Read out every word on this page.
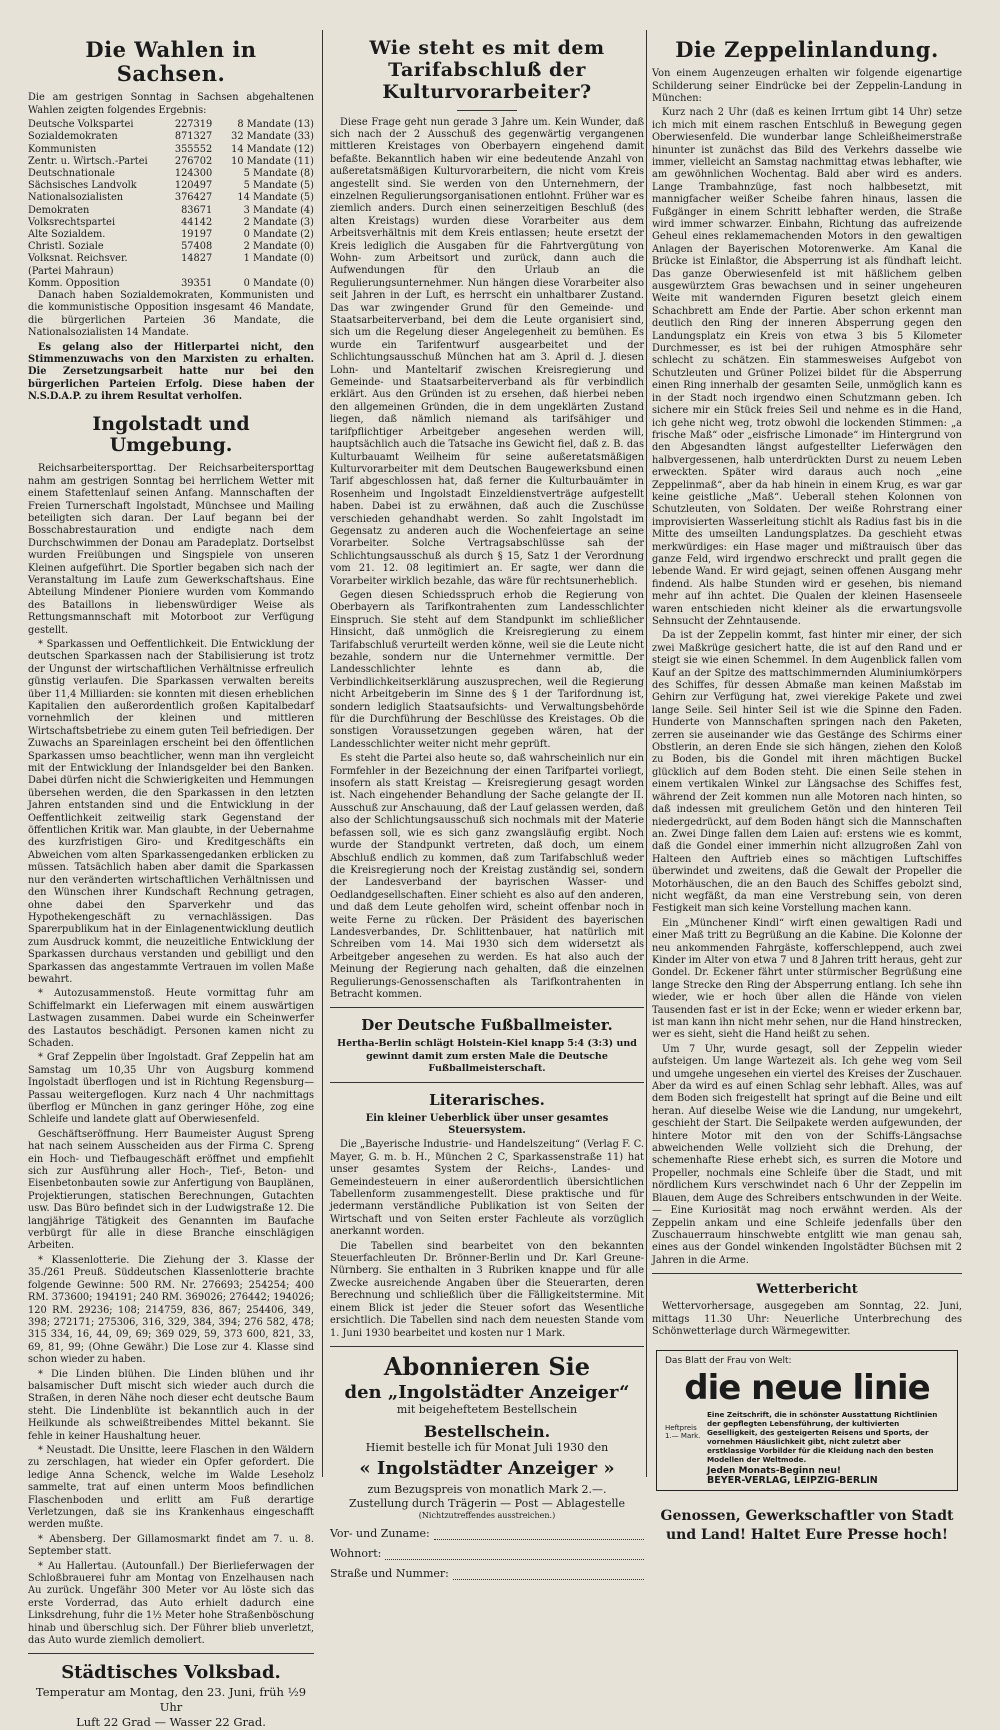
Die Wahlen in Sachsen.

Die am gestrigen Sonntag in Sachsen abgehaltenen Wahlen zeigten folgendes Ergebnis:

Deutsche Volkspartei	227319	8 Mandate (13)
Sozialdemokraten	871327	32 Mandate (33)
Kommunisten	355552	14 Mandate (12)
Zentr. u. Wirtsch.-Partei	276702	10 Mandate (11)
Deutschnationale	124300	5 Mandate (8)
Sächsisches Landvolk	120497	5 Mandate (5)
Nationalsozialisten	376427	14 Mandate (5)
Demokraten	83671	3 Mandate (4)
Volksrechtspartei	44142	2 Mandate (3)
Alte Sozialdem.	19197	0 Mandate (2)
Christl. Soziale	57408	2 Mandate (0)
Volksnat. Reichsver.	14827	1 Mandate (0)
(Partei Mahraun)		
Komm. Opposition	39351	0 Mandate (0)

Danach haben Sozialdemokraten, Kommunisten und die kommunistische Opposition insgesamt 46 Mandate, die bürgerlichen Parteien 36 Mandate, die Nationalsozialisten 14 Mandate.

Es gelang also der Hitlerpartei nicht, den Stimmenzuwachs von den Marxisten zu erhalten. Die Zersetzungsarbeit hatte nur bei den bürgerlichen Parteien Erfolg. Diese haben der N.S.D.A.P. zu ihrem Resultat verholfen.

Ingolstadt und Umgebung.

Reichsarbeitersporttag. Der Reichsarbeitersporttag nahm am gestrigen Sonntag bei herrlichem Wetter mit einem Stafettenlauf seinen Anfang. Mannschaften der Freien Turnerschaft Ingolstadt, Münchsee und Mailing beteiligten sich daran. Der Lauf begann bei der Bosschabrestauration und endigte nach dem Durchschwimmen der Donau am Paradeplatz. Dortselbst wurden Freiübungen und Singspiele von unseren Kleinen aufgeführt. Die Sportler begaben sich nach der Veranstaltung im Laufe zum Gewerkschaftshaus. Eine Abteilung Mindener Pioniere wurden vom Kommando des Bataillons in liebenswürdiger Weise als Rettungsmannschaft mit Motorboot zur Verfügung gestellt.

* Sparkassen und Oeffentlichkeit. Die Entwicklung der deutschen Sparkassen nach der Stabilisierung ist trotz der Ungunst der wirtschaftlichen Verhältnisse erfreulich günstig verlaufen. Die Sparkassen verwalten bereits über 11,4 Milliarden: sie konnten mit diesen erheblichen Kapitalien den außerordentlich großen Kapitalbedarf vornehmlich der kleinen und mittleren Wirtschaftsbetriebe zu einem guten Teil befriedigen. Der Zuwachs an Spareinlagen erscheint bei den öffentlichen Sparkassen umso beachtlicher, wenn man ihn vergleicht mit der Entwicklung der Inlandsgelder bei den Banken. Dabei dürfen nicht die Schwierigkeiten und Hemmungen übersehen werden, die den Sparkassen in den letzten Jahren entstanden sind und die Entwicklung in der Oeffentlichkeit zeitweilig stark Gegenstand der öffentlichen Kritik war. Man glaubte, in der Uebernahme des kurzfristigen Giro- und Kreditgeschäfts ein Abweichen vom alten Sparkassengedanken erblicken zu müssen. Tatsächlich haben aber damit die Sparkassen nur den veränderten wirtschaftlichen Verhältnissen und den Wünschen ihrer Kundschaft Rechnung getragen, ohne dabei den Sparverkehr und das Hypothekengeschäft zu vernachlässigen. Das Sparerpublikum hat in der Einlagenentwicklung deutlich zum Ausdruck kommt, die neuzeitliche Entwicklung der Sparkassen durchaus verstanden und gebilligt und den Sparkassen das angestammte Vertrauen im vollen Maße bewahrt.

* Autozusammenstoß. Heute vormittag fuhr am Schiffelmarkt ein Lieferwagen mit einem auswärtigen Lastwagen zusammen. Dabei wurde ein Scheinwerfer des Lastautos beschädigt. Personen kamen nicht zu Schaden.

* Graf Zeppelin über Ingolstadt. Graf Zeppelin hat am Samstag um 10,35 Uhr von Augsburg kommend Ingolstadt überflogen und ist in Richtung Regensburg—Passau weitergeflogen. Kurz nach 4 Uhr nachmittags überflog er München in ganz geringer Höhe, zog eine Schleife und landete glatt auf Oberwiesenfeld.

Geschäftseröffnung. Herr Baumeister August Spreng hat nach seinem Ausscheiden aus der Firma C. Spreng ein Hoch- und Tiefbaugeschäft eröffnet und empfiehlt sich zur Ausführung aller Hoch-, Tief-, Beton- und Eisenbetonbauten sowie zur Anfertigung von Bauplänen, Projektierungen, statischen Berechnungen, Gutachten usw. Das Büro befindet sich in der Ludwigstraße 12. Die langjährige Tätigkeit des Genannten im Baufache verbürgt für alle in diese Branche einschlägigen Arbeiten.

* Klassenlotterie. Die Ziehung der 3. Klasse der 35./261 Preuß. Süddeutschen Klassenlotterie brachte folgende Gewinne: 500 RM. Nr. 276693; 254254; 400 RM. 373600; 194191; 240 RM. 369026; 276442; 194026; 120 RM. 29236; 108; 214759, 836, 867; 254406, 349, 398; 272171; 275306, 316, 329, 384, 394; 276 582, 478; 315 334, 16, 44, 09, 69; 369 029, 59, 373 600, 821, 33, 69, 81, 99; (Ohne Gewähr.) Die Lose zur 4. Klasse sind schon wieder zu haben.

* Die Linden blühen. Die Linden blühen und ihr balsamischer Duft mischt sich wieder auch durch die Straßen, in deren Nähe noch dieser echt deutsche Baum steht. Die Lindenblüte ist bekanntlich auch in der Heilkunde als schweißtreibendes Mittel bekannt. Sie fehle in keiner Haushaltung heuer.

* Neustadt. Die Unsitte, leere Flaschen in den Wäldern zu zerschlagen, hat wieder ein Opfer gefordert. Die ledige Anna Schenck, welche im Walde Leseholz sammelte, trat auf einen unterm Moos befindlichen Flaschenboden und erlitt am Fuß derartige Verletzungen, daß sie ins Krankenhaus eingeschafft werden mußte.

* Abensberg. Der Gillamosmarkt findet am 7. u. 8. September statt.

* Au Hallertau. (Autounfall.) Der Bierlieferwagen der Schloßbrauerei fuhr am Montag von Enzelhausen nach Au zurück. Ungefähr 300 Meter vor Au löste sich das erste Vorderrad, das Auto erhielt dadurch eine Linksdrehung, fuhr die 1½ Meter hohe Straßenböschung hinab und überschlug sich. Der Führer blieb unverletzt, das Auto wurde ziemlich demoliert.

Städtisches Volksbad.
Temperatur am Montag, den 23. Juni, früh ½9 Uhr
Luft 22 Grad — Wasser 22 Grad.
Wie steht es mit dem Tarifabschluß der Kulturvorarbeiter?

Diese Frage geht nun gerade 3 Jahre um. Kein Wunder, daß sich nach der 2 Ausschuß des gegenwärtig vergangenen mittleren Kreistages von Oberbayern eingehend damit befaßte. Bekanntlich haben wir eine bedeutende Anzahl von außeretatsmäßigen Kulturvorarbeitern, die nicht vom Kreis angestellt sind. Sie werden von den Unternehmern, der einzelnen Regulierungsorganisationen entlohnt. Früher war es ziemlich anders. Durch einen seinerzeitigen Beschluß (des alten Kreistags) wurden diese Vorarbeiter aus dem Arbeitsverhältnis mit dem Kreis entlassen; heute ersetzt der Kreis lediglich die Ausgaben für die Fahrtvergütung von Wohn- zum Arbeitsort und zurück, dann auch die Aufwendungen für den Urlaub an die Regulierungsunternehmer. Nun hängen diese Vorarbeiter also seit Jahren in der Luft, es herrscht ein unhaltbarer Zustand. Das war zwingender Grund für den Gemeinde- und Staatsarbeiterverband, bei dem die Leute organisiert sind, sich um die Regelung dieser Angelegenheit zu bemühen. Es wurde ein Tarifentwurf ausgearbeitet und der Schlichtungsausschuß München hat am 3. April d. J. diesen Lohn- und Manteltarif zwischen Kreisregierung und Gemeinde- und Staatsarbeiterverband als für verbindlich erklärt. Aus den Gründen ist zu ersehen, daß hierbei neben den allgemeinen Gründen, die in dem ungeklärten Zustand liegen, daß nämlich niemand als tarifsähiger und tarifpflichtiger Arbeitgeber angesehen werden will, hauptsächlich auch die Tatsache ins Gewicht fiel, daß z. B. das Kulturbauamt Weilheim für seine außeretatsmäßigen Kulturvorarbeiter mit dem Deutschen Baugewerksbund einen Tarif abgeschlossen hat, daß ferner die Kulturbauämter in Rosenheim und Ingolstadt Einzeldienstverträge aufgestellt haben. Dabei ist zu erwähnen, daß auch die Zuschüsse verschieden gehandhabt werden. So zahlt Ingolstadt im Gegensatz zu anderen auch die Wochenfeiertage an seine Vorarbeiter. Solche Vertragsabschlüsse sah der Schlichtungsausschuß als durch § 15, Satz 1 der Verordnung vom 21. 12. 08 legitimiert an. Er sagte, wer dann die Vorarbeiter wirklich bezahle, das wäre für rechtsunerheblich.

Gegen diesen Schiedsspruch erhob die Regierung von Oberbayern als Tarifkontrahenten zum Landesschlichter Einspruch. Sie steht auf dem Standpunkt im schließlicher Hinsicht, daß unmöglich die Kreisregierung zu einem Tarifabschluß verurteilt werden könne, weil sie die Leute nicht bezahle, sondern nur die Unternehmer vermittle. Der Landesschlichter lehnte es dann ab, die Verbindlichkeitserklärung auszusprechen, weil die Regierung nicht Arbeitgeberin im Sinne des § 1 der Tarifordnung ist, sondern lediglich Staatsaufsichts- und Verwaltungsbehörde für die Durchführung der Beschlüsse des Kreistages. Ob die sonstigen Voraussetzungen gegeben wären, hat der Landesschlichter weiter nicht mehr geprüft.

Es steht die Partei also heute so, daß wahrscheinlich nur ein Formfehler in der Bezeichnung der einen Tarifpartei vorliegt, insofern als statt Kreistag — Kreisregierung gesagt worden ist. Nach eingehender Behandlung der Sache gelangte der II. Ausschuß zur Anschauung, daß der Lauf gelassen werden, daß also der Schlichtungsausschuß sich nochmals mit der Materie befassen soll, wie es sich ganz zwangsläufig ergibt. Noch wurde der Standpunkt vertreten, daß doch, um einem Abschluß endlich zu kommen, daß zum Tarifabschluß weder die Kreisregierung noch der Kreistag zuständig sei, sondern der Landesverband der bayrischen Wasser- und Oedlandgesellschaften. Einer schieht es also auf den anderen, und daß dem Leute geholfen wird, scheint offenbar noch in weite Ferne zu rücken. Der Präsident des bayerischen Landesverbandes, Dr. Schlittenbauer, hat natürlich mit Schreiben vom 14. Mai 1930 sich dem widersetzt als Arbeitgeber angesehen zu werden. Es hat also auch der Meinung der Regierung nach gehalten, daß die einzelnen Regulierungs-Genossenschaften als Tarifkontrahenten in Betracht kommen.

Der Deutsche Fußballmeister.

Hertha-Berlin schlägt Holstein-Kiel knapp 5:4 (3:3) und gewinnt damit zum ersten Male die Deutsche Fußballmeisterschaft.

Literarisches.

Ein kleiner Ueberblick über unser gesamtes Steuersystem.

Die „Bayerische Industrie- und Handelszeitung“ (Verlag F. C. Mayer, G. m. b. H., München 2 C, Sparkassenstraße 11) hat unser gesamtes System der Reichs-, Landes- und Gemeindesteuern in einer außerordentlich übersichtlichen Tabellenform zusammengestellt. Diese praktische und für jedermann verständliche Publikation ist von Seiten der Wirtschaft und von Seiten erster Fachleute als vorzüglich anerkannt worden.

Die Tabellen sind bearbeitet von den bekannten Steuerfachleuten Dr. Brönner-Berlin und Dr. Karl Greune-Nürnberg. Sie enthalten in 3 Rubriken knappe und für alle Zwecke ausreichende Angaben über die Steuerarten, deren Berechnung und schließlich über die Fälligkeitstermine. Mit einem Blick ist jeder die Steuer sofort das Wesentliche ersichtlich. Die Tabellen sind nach dem neuesten Stande vom 1. Juni 1930 bearbeitet und kosten nur 1 Mark.

Abonnieren Sie
den „Ingolstädter Anzeiger“
mit beigeheftetem Bestellschein
Bestellschein.
Hiemit bestelle ich für Monat Juli 1930 den
« Ingolstädter Anzeiger »
zum Bezugspreis von monatlich Mark 2.—.
Zustellung durch Trägerin — Post — Ablagestelle
(Nichtzutreffendes ausstreichen.)
Vor- und Zuname:
Wohnort:
Straße und Nummer:
Die Zeppelinlandung.

Von einem Augenzeugen erhalten wir folgende eigenartige Schilderung seiner Eindrücke bei der Zeppelin-Landung in München:

Kurz nach 2 Uhr (daß es keinen Irrtum gibt 14 Uhr) setze ich mich mit einem raschen Entschluß in Bewegung gegen Oberwiesenfeld. Die wunderbar lange Schleißheimerstraße hinunter ist zunächst das Bild des Verkehrs dasselbe wie immer, vielleicht an Samstag nachmittag etwas lebhafter, wie am gewöhnlichen Wochentag. Bald aber wird es anders. Lange Trambahnzüge, fast noch halbbesetzt, mit mannigfacher weißer Scheibe fahren hinaus, lassen die Fußgänger in einem Schritt lebhafter werden, die Straße wird immer schwarzer. Einbahn, Richtung das aufreizende Geheul eines reklamemachenden Motors in den gewaltigen Anlagen der Bayerischen Motorenwerke. Am Kanal die Brücke ist Einlaßtor, die Absperrung ist als fündhaft leicht. Das ganze Oberwiesenfeld ist mit häßlichem gelben ausgewürztem Gras bewachsen und in seiner ungeheuren Weite mit wandernden Figuren besetzt gleich einem Schachbrett am Ende der Partie. Aber schon erkennt man deutlich den Ring der inneren Absperrung gegen den Landungsplatz ein Kreis von etwa 3 bis 5 Kilometer Durchmesser, es ist bei der ruhigen Atmosphäre sehr schlecht zu schätzen. Ein stammesweises Aufgebot von Schutzleuten und Grüner Polizei bildet für die Absperrung einen Ring innerhalb der gesamten Seile, unmöglich kann es in der Stadt noch irgendwo einen Schutzmann geben. Ich sichere mir ein Stück freies Seil und nehme es in die Hand, ich gehe nicht weg, trotz obwohl die lockenden Stimmen: „a frische Maß“ oder „eisfrische Limonade“ im Hintergrund von den Abgesandten längst aufgestellter Lieferwägen den halbvergessenen, halb unterdrückten Durst zu neuem Leben erweckten. Später wird daraus auch noch „eine Zeppelinmaß“, aber da hab hinein in einem Krug, es war gar keine geistliche „Maß“. Ueberall stehen Kolonnen von Schutzleuten, von Soldaten. Der weiße Rohrstrang einer improvisierten Wasserleitung stichlt als Radius fast bis in die Mitte des umseilten Landungsplatzes. Da geschieht etwas merkwürdiges: ein Hase mager und mißtrauisch über das ganze Feld, wird irgendwo erschreckt und prallt gegen die lebende Wand. Er wird gejagt, seinen offenen Ausgang mehr findend. Als halbe Stunden wird er gesehen, bis niemand mehr auf ihn achtet. Die Qualen der kleinen Hasenseele waren entschieden nicht kleiner als die erwartungsvolle Sehnsucht der Zehntausende.

Da ist der Zeppelin kommt, fast hinter mir einer, der sich zwei Maßkrüge gesichert hatte, die ist auf den Rand und er steigt sie wie einen Schemmel. In dem Augenblick fallen vom Kauf an der Spitze des mattschimmernden Aluminiumkörpers des Schiffes, für dessen Abmaße man keinen Maßstab im Gehirn zur Verfügung hat, zwei vierekige Pakete und zwei lange Seile. Seil hinter Seil ist wie die Spinne den Faden. Hunderte von Mannschaften springen nach den Paketen, zerren sie auseinander wie das Gestänge des Schirms einer Obstlerin, an deren Ende sie sich hängen, ziehen den Koloß zu Boden, bis die Gondel mit ihren mächtigen Buckel glücklich auf dem Boden steht. Die einen Seile stehen in einem vertikalen Winkel zur Längsachse des Schiffes fest, während der Zeit kommen nun alle Motoren nach hinten, so daß indessen mit greulichem Getön und den hinteren Teil niedergedrückt, auf dem Boden hängt sich die Mannschaften an. Zwei Dinge fallen dem Laien auf: erstens wie es kommt, daß die Gondel einer immerhin nicht allzugroßen Zahl von Halteen den Auftrieb eines so mächtigen Luftschiffes überwindet und zweitens, daß die Gewalt der Propeller die Motorhäuschen, die an den Bauch des Schiffes gebolzt sind, nicht wegfäßt, da man eine Verstrebung sein, von deren Festigkeit man sich keine Vorstellung machen kann.

Ein „Münchener Kindl“ wirft einen gewaltigen Radi und einer Maß tritt zu Begrüßung an die Kabine. Die Kolonne der neu ankommenden Fahrgäste, kofferschleppend, auch zwei Kinder im Alter von etwa 7 und 8 Jahren tritt heraus, geht zur Gondel. Dr. Eckener fährt unter stürmischer Begrüßung eine lange Strecke den Ring der Absperrung entlang. Ich sehe ihn wieder, wie er hoch über allen die Hände von vielen Tausenden fast er ist in der Ecke; wenn er wieder erkenn bar, ist man kann ihn nicht mehr sehen, nur die Hand hinstrecken, wer es sieht, sieht die Hand heißt zu sehen.

Um 7 Uhr, wurde gesagt, soll der Zeppelin wieder aufsteigen. Um lange Wartezeit als. Ich gehe weg vom Seil und umgehe ungesehen ein viertel des Kreises der Zuschauer. Aber da wird es auf einen Schlag sehr lebhaft. Alles, was auf dem Boden sich freigestellt hat springt auf die Beine und eilt heran. Auf dieselbe Weise wie die Landung, nur umgekehrt, geschieht der Start. Die Seilpakete werden aufgewunden, der hintere Motor mit den von der Schiffs-Längsachse abweichenden Welle vollzieht sich die Drehung, der schemenhafte Riese erhebt sich, es surren die Motore und Propeller, nochmals eine Schleife über die Stadt, und mit nördlichem Kurs verschwindet nach 6 Uhr der Zeppelin im Blauen, dem Auge des Schreibers entschwunden in der Weite. — Eine Kuriosität mag noch erwähnt werden. Als der Zeppelin ankam und eine Schleife jedenfalls über den Zuschauerraum hinschwebte entglitt wie man genau sah, eines aus der Gondel winkenden Ingolstädter Büchsen mit 2 Jahren in die Arme.

Wetterbericht

Wettervorhersage, ausgegeben am Sonntag, 22. Juni, mittags 11.30 Uhr: Neuerliche Unterbrechung des Schönwetterlage durch Wärmegewitter.

Das Blatt der Frau von Welt:
die neue linie
Heftpreis 1.— Mark.
Eine Zeitschrift, die in schönster Ausstattung Richtlinien der gepflegten Lebensführung, der kultivierten Geselligkeit, des gesteigerten Reisens und Sports, der vornehmen Häuslichkeit gibt, nicht zuletzt aber erstklassige Vorbilder für die Kleidung nach den besten Modellen der Weltmode.
Jeden Monats-Beginn neu!
BEYER-VERLAG, LEIPZIG-BERLIN
Genossen, Gewerkschaftler von Stadt und Land! Haltet Eure Presse hoch!
